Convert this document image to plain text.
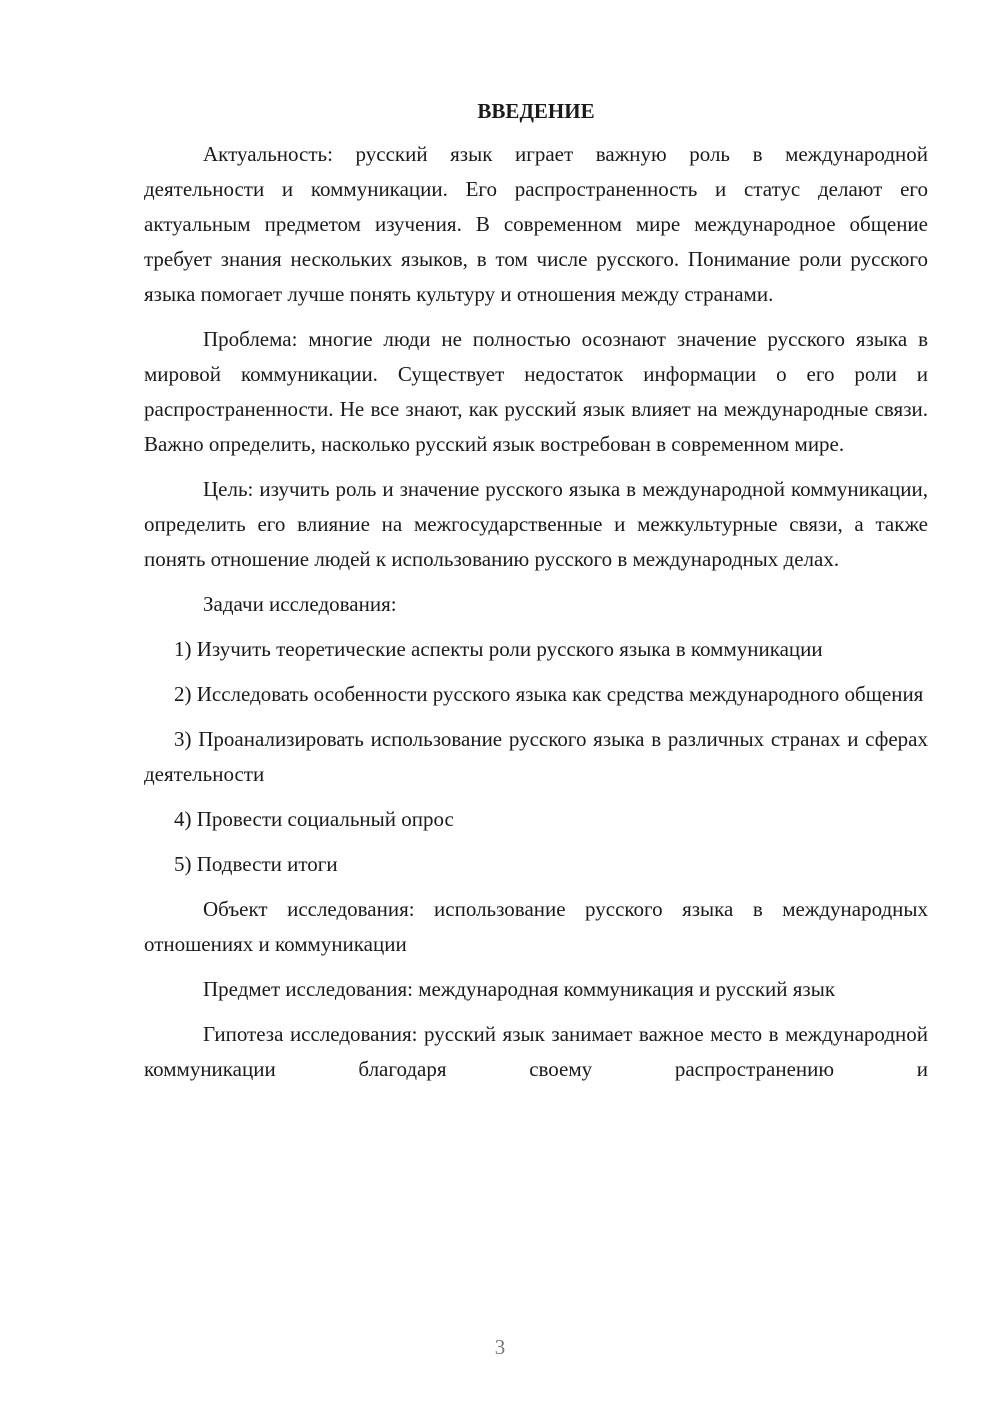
ВВЕДЕНИЕ

Актуальность: русский язык играет важную роль в международной деятельности и коммуникации. Его распространенность и статус делают его актуальным предметом изучения. В современном мире международное общение требует знания нескольких языков, в том числе русского. Понимание роли русского языка помогает лучше понять культуру и отношения между странами.

Проблема: многие люди не полностью осознают значение русского языка в мировой коммуникации. Существует недостаток информации о его роли и распространенности. Не все знают, как русский язык влияет на международные связи. Важно определить, насколько русский язык востребован в современном мире.

Цель: изучить роль и значение русского языка в международной коммуникации, определить его влияние на межгосударственные и межкультурные связи, а также понять отношение людей к использованию русского в международных делах.

Задачи исследования:

1) Изучить теоретические аспекты роли русского языка в коммуникации

2) Исследовать особенности русского языка как средства международного общения

3) Проанализировать использование русского языка в различных странах и сферах деятельности

4) Провести социальный опрос

5) Подвести итоги

Объект исследования: использование русского языка в международных отношениях и коммуникации

Предмет исследования: международная коммуникация и русский язык

Гипотеза исследования: русский язык занимает важное место в международной коммуникации благодаря своему распространению и

3
